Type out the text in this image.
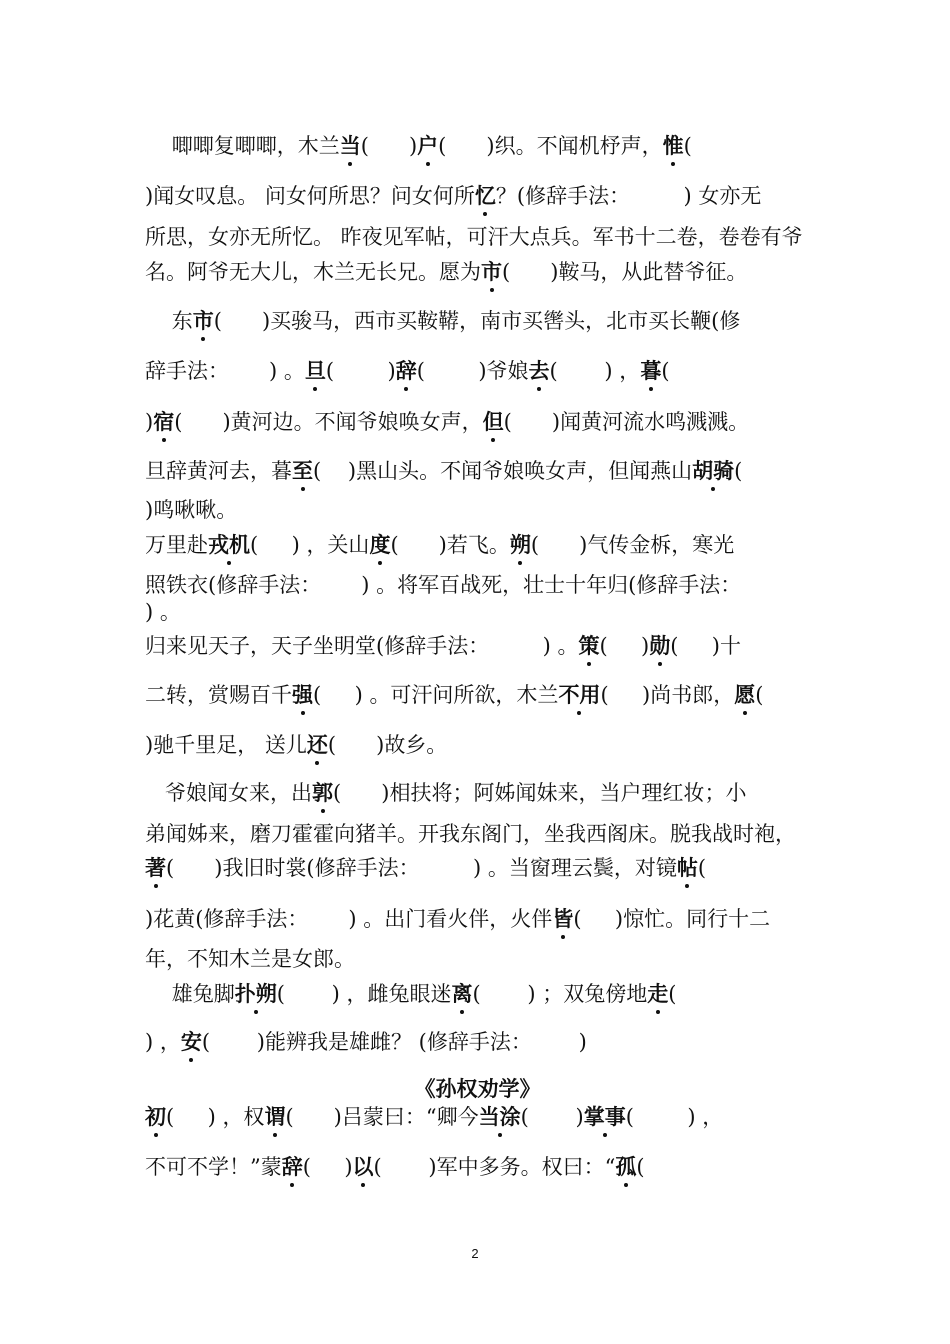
唧唧复唧唧，木兰当(      )户(      )织。不闻机杼声，惟(

)闻女叹息。 问女何所思？问女何所忆？(修辞手法：        ) 女亦无

所思，女亦无所忆。 昨夜见军帖，可汗大点兵。军书十二卷，卷卷有爷

名。阿爷无大儿，木兰无长兄。愿为市(      )鞍马，从此替爷征。

东市(      )买骏马，西市买鞍鞯，南市买辔头，北市买长鞭(修

辞手法：      ) 。旦(        )辞(        )爷娘去(       ) ，暮(

)宿(      )黄河边。不闻爷娘唤女声，但(      )闻黄河流水鸣溅溅。

旦辞黄河去，暮至(    )黑山头。不闻爷娘唤女声，但闻燕山胡骑(

)鸣啾啾。

万里赴戎机(     ) ，关山度(      )若飞。朔(      )气传金柝，寒光

照铁衣(修辞手法：      ) 。将军百战死，壮士十年归(修辞手法：

) 。

归来见天子，天子坐明堂(修辞手法：        ) 。策(     )勋(     )十

二转，赏赐百千强(     ) 。可汗问所欲，木兰不用(     )尚书郎，愿(

)驰千里足， 送儿还(      )故乡。

爷娘闻女来，出郭(      )相扶将；阿姊闻妹来，当户理红妆；小

弟闻姊来，磨刀霍霍向猪羊。开我东阁门，坐我西阁床。脱我战时袍，

著(      )我旧时裳(修辞手法：        ) 。当窗理云鬓，对镜帖(

)花黄(修辞手法：      ) 。出门看火伴，火伴皆(     )惊忙。同行十二

年，不知木兰是女郎。

雄兔脚扑朔(       ) ，雌兔眼迷离(       ) ；双兔傍地走(

) ，安(       )能辨我是雄雌？ (修辞手法：       )

初(     ) ，权谓(      )吕蒙曰：“卿今当涂(       )掌事(        ) ，

不可不学！”蒙辞(     )以(       )军中多务。权曰：“孤(

《孙权劝学》

2
